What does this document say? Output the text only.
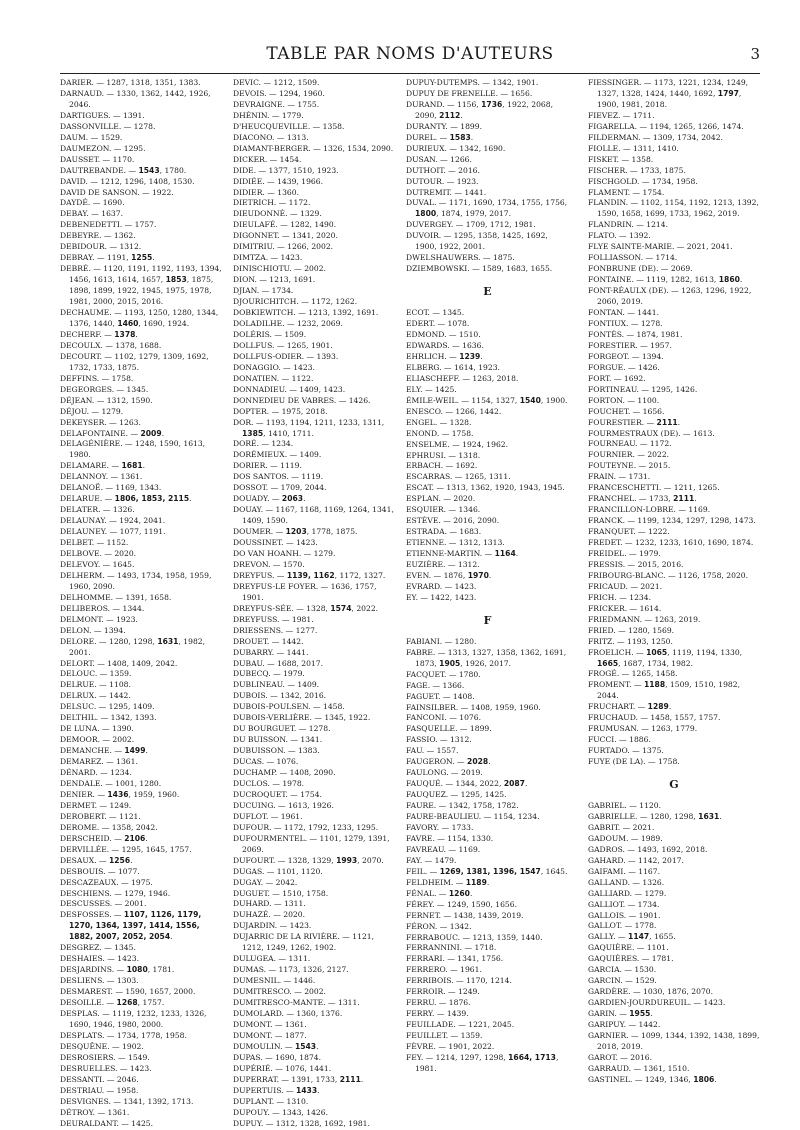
TABLE PAR NOMS D'AUTEURS	3
DARIER. — 1287, 1318, 1351, 1383.
DARNAUD. — 1330, 1362, 1442, 1926, 2046.
DARTIGUES. — 1391.
DASSONVILLE. — 1278.
DAUM. — 1529.
DAUMEZON. — 1295.
DAUSSET. — 1170.
DAUTREBANDE. — 1543, 1780.
DAVID. — 1212, 1296, 1408, 1530.
DAVID DE SANSON. — 1922.
DAYDÉ. — 1690.
DEBAY. — 1637.
DEBENEDETTI. — 1757.
DEBEYRE. — 1362.
DEBIDOUR. — 1312.
DEBRAY. — 1191, 1255.
DEBRÉ. — 1120, 1191, 1192, 1193, 1394, 1456, 1613, 1614, 1657, 1853, 1875, 1898, 1899, 1922, 1945, 1975, 1978, 1981, 2000, 2015, 2016.
DECHAUME. — 1193, 1250, 1280, 1344, 1376, 1440, 1460, 1690, 1924.
DECHERF. — 1378.
DECOULX. — 1378, 1688.
DECOURT. — 1102, 1279, 1309, 1692, 1732, 1733, 1875.
DEFFINS. — 1758.
DEGEORGES. — 1345.
DÉJEAN. — 1312, 1590.
DÉJOU. — 1279.
DEKEYSER. — 1263.
DELAFONTAINE. — 2009.
DELAGÉNIÈRE. — 1248, 1590, 1613, 1980.
DELAMARE. — 1681.
DELANNOY. — 1361.
DELANOË. — 1169, 1343.
DELARUE. — 1806, 1853, 2115.
DELATER. — 1326.
DELAUNAY. — 1924, 2041.
DELAUNEY. — 1077, 1191.
DELBET. — 1152.
DELBOVE. — 2020.
DELEVOY. — 1645.
DELHERM. — 1493, 1734, 1958, 1959, 1960, 2090.
DELHOMME. — 1391, 1658.
DELIBEROS. — 1344.
DELMONT. — 1923.
DELON. — 1394.
DELORE. — 1280, 1298, 1631, 1982, 2001.
DELORT. — 1408, 1409, 2042.
DELOUC. — 1359.
DELRUE. — 1108.
DELRUX. — 1442.
DELSUC. — 1295, 1409.
DELTHIL. — 1342, 1393.
DE LUNA. — 1390.
DEMOOR. — 2002.
DEMANCHE. — 1499.
DEMAREZ. — 1361.
DÉNARD. — 1234.
DENDALE. — 1001, 1280.
DENIER. — 1436, 1959, 1960.
DERMET. — 1249.
DEROBERT. — 1121.
DEROME. — 1358, 2042.
DERSCHEID. — 2106.
DERVILLÉE. — 1295, 1645, 1757.
DESAUX. — 1256.
DESBOUIS. — 1077.
DESCAZEAUX. — 1975.
DESCHIENS. — 1279, 1946.
DESCUSSES. — 2001.
DESFOSSES. — 1107, 1126, 1179, 1270, 1364, 1397, 1414, 1556, 1882, 2007, 2052, 2054.
DESGREZ. — 1345.
DESHAIES. — 1423.
DESJARDINS. — 1080, 1781.
DESLIENS. — 1303.
DESMAREST. — 1590, 1657, 2000.
DESOILLE. — 1268, 1757.
DESPLAS. — 1119, 1232, 1233, 1326, 1690, 1946, 1980, 2000.
DESPLATS. — 1734, 1778, 1958.
DESQUÊNE. — 1902.
DESROSIERS. — 1549.
DESRUELLES. — 1423.
DESSANTI. — 2046.
DESTRIAU. — 1958.
DESVIGNES. — 1341, 1392, 1713.
DÉTROY. — 1361.
DEURALDANT. — 1425.
DEVIC. — 1212, 1509.
DEVOIS. — 1294, 1960.
DEVRAIGNE. — 1755.
DHÉNIN. — 1779.
D'HEUCQUEVILLE. — 1358.
DIACONO. — 1313.
DIAMANT-BERGER. — 1326, 1534, 2090.
DICKER. — 1454.
DIDE. — 1377, 1510, 1923.
DIDIÉE. — 1439, 1966.
DIDIER. — 1360.
DIETRICH. — 1172.
DIEUDONNÉ. — 1329.
DIEULAFÉ. — 1282, 1490.
DIGONNET. — 1341, 2020.
DIMITRIU. — 1266, 2002.
DIMTZA. — 1423.
DINISCHIOTU. — 2002.
DION. — 1213, 1691.
DJIAN. — 1734.
DJOURICHITCH. — 1172, 1262.
DOBKIEWITCH. — 1213, 1392, 1691.
DOLADILHE. — 1232, 2069.
DOLÉRIS. — 1509.
DOLLFUS. — 1265, 1901.
DOLLFUS-ODIER. — 1393.
DONAGGIO. — 1423.
DONATIEN. — 1122.
DONNADIEU. — 1409, 1423.
DONNEDIEU DE VABRES. — 1426.
DOPTER. — 1975, 2018.
DOR. — 1193, 1194, 1211, 1233, 1311, 1385, 1410, 1711.
DORÉ. — 1234.
DORÉMIEUX. — 1409.
DORIER. — 1119.
DOS SANTOS. — 1119.
DOSSOT. — 1709, 2044.
DOUADY. — 2063.
DOUAY. — 1167, 1168, 1169, 1264, 1341, 1409, 1590.
DOUMER. — 1203, 1778, 1875.
DOUSSINET. — 1423.
DO VAN HOANH. — 1279.
DREVON. — 1570.
DREYFUS. — 1139, 1162, 1172, 1327.
DREYFUS-LE FOYER. — 1636, 1757, 1901.
DREYFUS-SÉE. — 1328, 1574, 2022.
DREYFUSS. — 1981.
DRIESSENS. — 1277.
DROUET. — 1442.
DUBARRY. — 1441.
DUBAU. — 1688, 2017.
DUBECQ. — 1979.
DUBLINEAU. — 1409.
DUBOIS. — 1342, 2016.
DUBOIS-POULSEN. — 1458.
DUBOIS-VERLIÈRE. — 1345, 1922.
DU BOURGUET. — 1278.
DU BUISSON. — 1341.
DUBUISSON. — 1383.
DUCAS. — 1076.
DUCHAMP. — 1408, 2090.
DUCLOS. — 1978.
DUCROQUET. — 1754.
DUCUING. — 1613, 1926.
DUFLOT. — 1961.
DUFOUR. — 1172, 1792, 1233, 1295.
DUFOURMENTEL. — 1101, 1279, 1391, 2069.
DUFOURT. — 1328, 1329, 1993, 2070.
DUGAS. — 1101, 1120.
DUGAY. — 2042.
DUGUET. — 1510, 1758.
DUHARD. — 1311.
DUHAZÉ. — 2020.
DUJARDIN. — 1423.
DUJARRIC DE LA RIVIÈRE. — 1121, 1212, 1249, 1262, 1902.
DULUGEA. — 1311.
DUMAS. — 1173, 1326, 2127.
DUMESNIL. — 1446.
DUMITRESCO. — 2002.
DUMITRESCO-MANTE. — 1311.
DUMOLARD. — 1360, 1376.
DUMONT. — 1361.
DUMONT. — 1877.
DUMOULIN. — 1543.
DUPAS. — 1690, 1874.
DUPÉRIÉ. — 1076, 1441.
DUPERRAT. — 1391, 1733, 2111.
DUPERTUIS. — 1433.
DUPLANT. — 1310.
DUPOUY. — 1343, 1426.
DUPUY. — 1312, 1328, 1692, 1981.
DUPUY-DUTEMPS. — 1342, 1901.
DUPUY DE FRENELLE. — 1656.
DURAND. — 1156, 1736, 1922, 2068, 2090, 2112.
DURANTY. — 1899.
DUREL. — 1583.
DURIEUX. — 1342, 1690.
DUSAN. — 1266.
DUTHOIT. — 2016.
DUTOUR. — 1923.
DUTREMIT. — 1441.
DUVAL. — 1171, 1690, 1734, 1755, 1756, 1800, 1874, 1979, 2017.
DUVERGEY. — 1709, 1712, 1981.
DUVOIR. — 1295, 1358, 1425, 1692, 1900, 1922, 2001.
DWELSHAUWERS. — 1875.
DZIEMBOWSKI. — 1589, 1683, 1655.
E
ECOT. — 1345.
EDERT. — 1078.
EDMOND. — 1510.
EDWARDS. — 1636.
EHRLICH. — 1239.
ELBERG. — 1614, 1923.
ELIASCHEFF. — 1263, 2018.
ELY. — 1425.
ÉMILE-WEIL. — 1154, 1327, 1540, 1900.
ENESCO. — 1266, 1442.
ENGEL. — 1328.
ENOND. — 1758.
ENSELME. — 1924, 1962.
EPHRUSI. — 1318.
ERBACH. — 1692.
ESCARRAS. — 1265, 1311.
ESCAT. — 1313, 1362, 1920, 1943, 1945.
ESPLAN. — 2020.
ESQUIER. — 1346.
ESTÈVE. — 2016, 2090.
ESTRADA. — 1683.
ETIENNE. — 1312, 1313.
ETIENNE-MARTIN. — 1164.
EUZIÈRE. — 1312.
EVEN. — 1876, 1970.
EVRARD. — 1423.
EY. — 1422, 1423.
F
FABIANI. — 1280.
FABRE. — 1313, 1327, 1358, 1362, 1691, 1873, 1905, 1926, 2017.
FACQUET. — 1780.
FAGE. — 1366.
FAGUET. — 1408.
FAINSILBER. — 1408, 1959, 1960.
FANCONI. — 1076.
FASQUELLE. — 1899.
FASSIO. — 1312.
FAU. — 1557.
FAUGERON. — 2028.
FAULONG. — 2019.
FAUQUÉ. — 1344, 2022, 2087.
FAUQUEZ. — 1295, 1425.
FAURE. — 1342, 1758, 1782.
FAURE-BEAULIEU. — 1154, 1234.
FAVORY. — 1733.
FAVRE. — 1154, 1330.
FAVREAU. — 1169.
FAY. — 1479.
FEIL. — 1269, 1381, 1396, 1547, 1645.
FELDHEIM. — 1189.
FÉNAL. — 1260.
FÉREY. — 1249, 1590, 1656.
FERNET. — 1438, 1439, 2019.
FÉRON. — 1342.
FERRABOUC. — 1213, 1359, 1440.
FERRANNINI. — 1718.
FERRARI. — 1341, 1756.
FERRERO. — 1961.
FERRIBOIS. — 1170, 1214.
FERROIR. — 1249.
FERRU. — 1876.
FERRY. — 1439.
FEUILLADE. — 1221, 2045.
FEUILLET. — 1359.
FÈVRE. — 1901, 2022.
FEY. — 1214, 1297, 1298, 1664, 1713, 1981.
FIESSINGER. — 1173, 1221, 1234, 1249, 1327, 1328, 1424, 1440, 1692, 1797, 1900, 1981, 2018.
FIEVEZ. — 1711.
FIGARELLA. — 1194, 1265, 1266, 1474.
FILDERMAN. — 1309, 1734, 2042.
FIOLLE. — 1311, 1410.
FISKET. — 1358.
FISCHER. — 1733, 1875.
FISCHGOLD. — 1734, 1958.
FLAMENT. — 1754.
FLANDIN. — 1102, 1154, 1192, 1213, 1392, 1590, 1658, 1699, 1733, 1962, 2019.
FLANDRIN. — 1214.
FLATO. — 1392.
FLYE SAINTE-MARIE. — 2021, 2041.
FOLLIASSON. — 1714.
FONBRUNE (DE). — 2069.
FONTAINE. — 1119, 1282, 1613, 1860.
FONT-RÉAULX (DE). — 1263, 1296, 1922, 2060, 2019.
FONTAN. — 1441.
FONTIUX. — 1278.
FONTÈS. — 1874, 1981.
FORESTIER. — 1957.
FORGEOT. — 1394.
FORGUE. — 1426.
FORT. — 1692.
FORTINEAU. — 1295, 1426.
FORTON. — 1100.
FOUCHET. — 1656.
FOURESTIER. — 2111.
FOURMESTRAUX (DE). — 1613.
FOURNEAU. — 1172.
FOURNIER. — 2022.
FOUTEYNE. — 2015.
FRAIN. — 1731.
FRANCESCHETTI. — 1211, 1265.
FRANCHEL. — 1733, 2111.
FRANCILLON-LOBRE. — 1169.
FRANCK. — 1199, 1234, 1297, 1298, 1473.
FRANQUET. — 1222.
FREDET. — 1232, 1233, 1610, 1690, 1874.
FREIDEL. — 1979.
FRESSIS. — 2015, 2016.
FRIBOURG-BLANC. — 1126, 1758, 2020.
FRICAUD. — 2021.
FRICH. — 1234.
FRICKER. — 1614.
FRIEDMANN. — 1263, 2019.
FRIED. — 1280, 1569.
FRITZ. — 1193, 1250.
FROELICH. — 1065, 1119, 1194, 1330, 1665, 1687, 1734, 1982.
FROGÉ. — 1265, 1458.
FROMENT. — 1188, 1509, 1510, 1982, 2044.
FRUCHART. — 1289.
FRUCHAUD. — 1458, 1557, 1757.
FRUMUSAN. — 1263, 1779.
FUCCI. — 1886.
FURTADO. — 1375.
FUYE (DE LA). — 1758.
G
GABRIEL. — 1120.
GABRIELLE. — 1280, 1298, 1631.
GABRIT. — 2021.
GADOUM. — 1989.
GADROS. — 1493, 1692, 2018.
GAHARD. — 1142, 2017.
GAIFAMI. — 1167.
GALLAND. — 1326.
GALLIARD. — 1279.
GALLIOT. — 1734.
GALLOIS. — 1901.
GALLOT. — 1778.
GALLY. — 1147, 1655.
GAQUIÈRE. — 1101.
GAQUIÈRES. — 1781.
GARCIA. — 1530.
GARCIN. — 1529.
GARDÈRE. — 1030, 1876, 2070.
GARDIEN-JOURDUREUIL. — 1423.
GARIN. — 1955.
GARIPUY. — 1442.
GARNIER. — 1099, 1344, 1392, 1438, 1899, 2018, 2019.
GAROT. — 2016.
GARRAUD. — 1361, 1510.
GASTINEL. — 1249, 1346, 1806.
